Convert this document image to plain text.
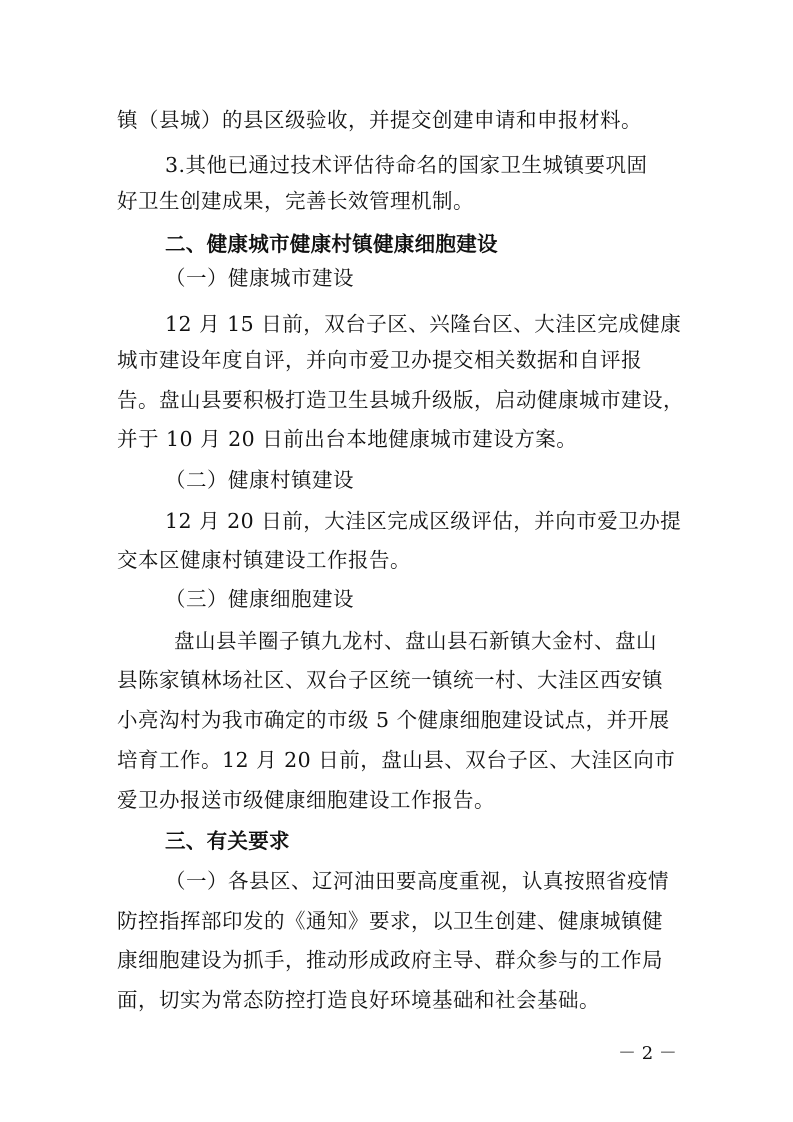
镇（县城）的县区级验收，并提交创建申请和申报材料。
3.其他已通过技术评估待命名的国家卫生城镇要巩固
好卫生创建成果，完善长效管理机制。
二、健康城市健康村镇健康细胞建设
（一）健康城市建设
12 月 15 日前，双台子区、兴隆台区、大洼区完成健康
城市建设年度自评，并向市爱卫办提交相关数据和自评报
告。盘山县要积极打造卫生县城升级版，启动健康城市建设，
并于 10 月 20 日前出台本地健康城市建设方案。
（二）健康村镇建设
12 月 20 日前，大洼区完成区级评估，并向市爱卫办提
交本区健康村镇建设工作报告。
（三）健康细胞建设
盘山县羊圈子镇九龙村、盘山县石新镇大金村、盘山
县陈家镇林场社区、双台子区统一镇统一村、大洼区西安镇
小亮沟村为我市确定的市级 5 个健康细胞建设试点，并开展
培育工作。12 月 20 日前，盘山县、双台子区、大洼区向市
爱卫办报送市级健康细胞建设工作报告。
三、有关要求
（一）各县区、辽河油田要高度重视，认真按照省疫情
防控指挥部印发的《通知》要求，以卫生创建、健康城镇健
康细胞建设为抓手，推动形成政府主导、群众参与的工作局
面，切实为常态防控打造良好环境基础和社会基础。
－ 2 －
